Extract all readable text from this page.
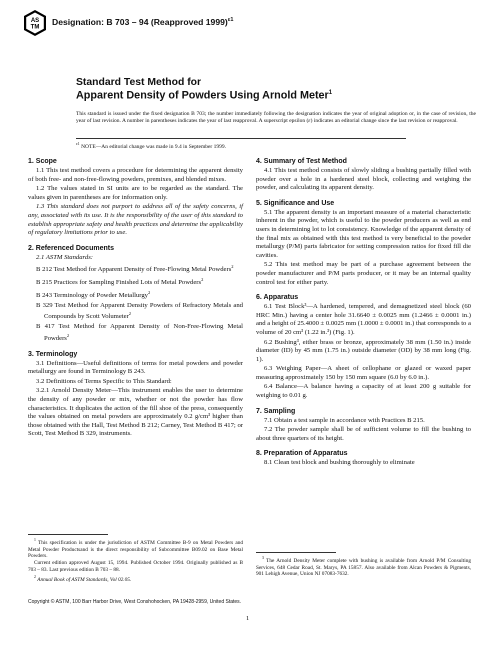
AS
TM
Designation: B 703 – 94 (Reapproved 1999)$^{\varepsilon 1}$
Standard Test Method for
Apparent Density of Powders Using Arnold Meter$^1$
This standard is issued under the fixed designation B 703; the number immediately following the designation indicates the year of original adoption or, in the case of revision, the year of last revision. A number in parentheses indicates the year of last reapproval. A superscript epsilon (ε) indicates an editorial change since the last revision or reapproval.
$^{\varepsilon 1}$ NOTE—An editorial change was made in 9.4 in September 1999.
1. Scope

1.1 This test method covers a procedure for determining the apparent density of both free- and non-free-flowing powders, premixes, and blended mixes.

1.2 The values stated in SI units are to be regarded as the standard. The values given in parentheses are for information only.

1.3 This standard does not purport to address all of the safety concerns, if any, associated with its use. It is the responsibility of the user of this standard to establish appropriate safety and health practices and determine the applicability of regulatory limitations prior to use.

2. Referenced Documents

2.1 ASTM Standards:

B 212 Test Method for Apparent Density of Free-Flowing Metal Powders$^2$

B 215 Practices for Sampling Finished Lots of Metal Powders$^2$

B 243 Terminology of Powder Metallurgy$^2$

B 329 Test Method for Apparent Density Powders of Refractory Metals and Compounds by Scott Volumeter$^2$

B 417 Test Method for Apparent Density of Non-Free-Flowing Metal Powders$^2$

3. Terminology

3.1 Definitions—Useful definitions of terms for metal powders and powder metallurgy are found in Terminology B 243.

3.2 Definitions of Terms Specific to This Standard:

3.2.1 Arnold Density Meter—This instrument enables the user to determine the density of any powder or mix, whether or not the powder has flow characteristics. It duplicates the action of the fill shoe of the press, consequently the values obtained on metal powders are approximately 0.2 g/cm³ higher than those obtained with the Hall, Test Method B 212; Carney, Test Method B 417; or Scott, Test Method B 329, instruments.

$^1$ This specification is under the jurisdiction of ASTM Committee B-9 on Metal Powders and Metal Powder Productsand is the direct responsibility of Subcommittee B09.02 on Base Metal Powders.

Current edition approved August 15, 1994. Published October 1994. Originally published as B 703 – 83. Last previous edition B 703 – 88.

$^2$ Annual Book of ASTM Standards, Vol 02.05.

4. Summary of Test Method

4.1 This test method consists of slowly sliding a bushing partially filled with powder over a hole in a hardened steel block, collecting and weighing the powder, and calculating its apparent density.

5. Significance and Use

5.1 The apparent density is an important measure of a material characteristic inherent in the powder, which is useful to the powder producers as well as end users in determining lot to lot consistency. Knowledge of the apparent density of the final mix as obtained with this test method is very beneficial to the powder metallurgy (P/M) parts fabricator for setting compression ratios for fixed fill die cavities.

5.2 This test method may be part of a purchase agreement between the powder manufacturer and P/M parts producer, or it may be an internal quality control test for either party.

6. Apparatus

6.1 Test Block³—A hardened, tempered, and demagnetized steel block (60 HRC Min.) having a center hole 31.6640 ± 0.0025 mm (1.2466 ± 0.0001 in.) and a height of 25.4000 ± 0.0025 mm (1.0000 ± 0.0001 in.) that corresponds to a volume of 20 cm³ (1.22 in.³) (Fig. 1).

6.2 Bushing³, either brass or bronze, approximately 38 mm (1.50 in.) inside diameter (ID) by 45 mm (1.75 in.) outside diameter (OD) by 38 mm long (Fig. 1).

6.3 Weighing Paper—A sheet of cellophane or glazed or waxed paper measuring approximately 150 by 150 mm square (6.0 by 6.0 in.).

6.4 Balance—A balance having a capacity of at least 200 g suitable for weighing to 0.01 g.

7. Sampling

7.1 Obtain a test sample in accordance with Practices B 215.

7.2 The powder sample shall be of sufficient volume to fill the bushing to about three quarters of its height.

8. Preparation of Apparatus

8.1 Clean test block and bushing thoroughly to eliminate

$^3$ The Arnold Density Meter complete with bushing is available from Arnold P/M Consulting Services, 648 Cedar Road, St. Marys, PA 15857. Also available from Alcan Powders & Pigments, 901 Lehigh Avenue, Union NJ 07083-7632.

Copyright © ASTM, 100 Barr Harbor Drive, West Conshohocken, PA 19428-2959, United States.
1
